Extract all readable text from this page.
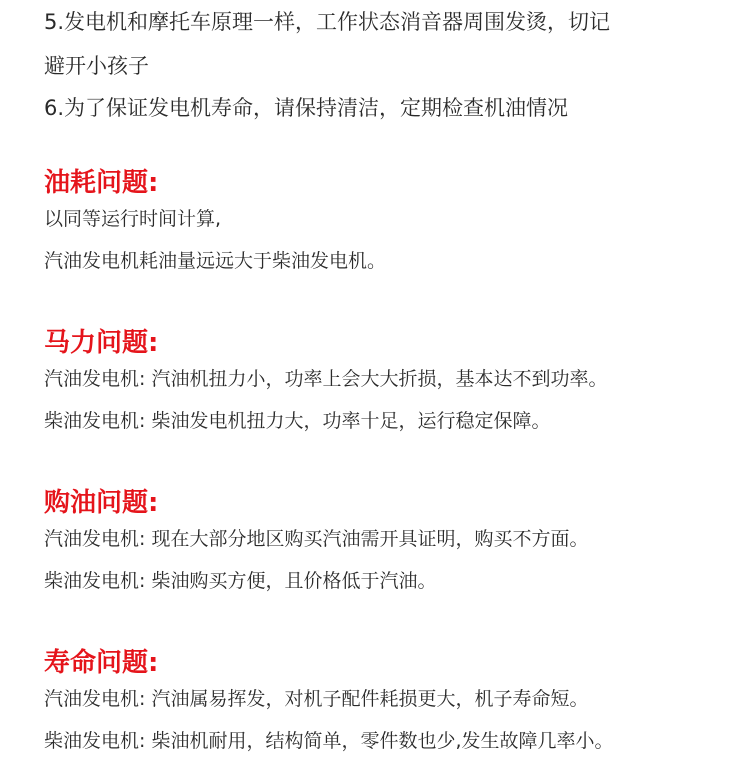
5.发电机和摩托车原理一样，工作状态消音器周围发烫，切记
避开小孩子
6.为了保证发电机寿命，请保持清洁，定期检查机油情况
油耗问题:
以同等运行时间计算,
汽油发电机耗油量远远大于柴油发电机。
马力问题:
汽油发电机: 汽油机扭力小，功率上会大大折损，基本达不到功率。
柴油发电机: 柴油发电机扭力大，功率十足，运行稳定保障。
购油问题:
汽油发电机: 现在大部分地区购买汽油需开具证明，购买不方面。
柴油发电机: 柴油购买方便，且价格低于汽油。
寿命问题:
汽油发电机: 汽油属易挥发，对机子配件耗损更大，机子寿命短。
柴油发电机: 柴油机耐用，结构简单，零件数也少,发生故障几率小。
